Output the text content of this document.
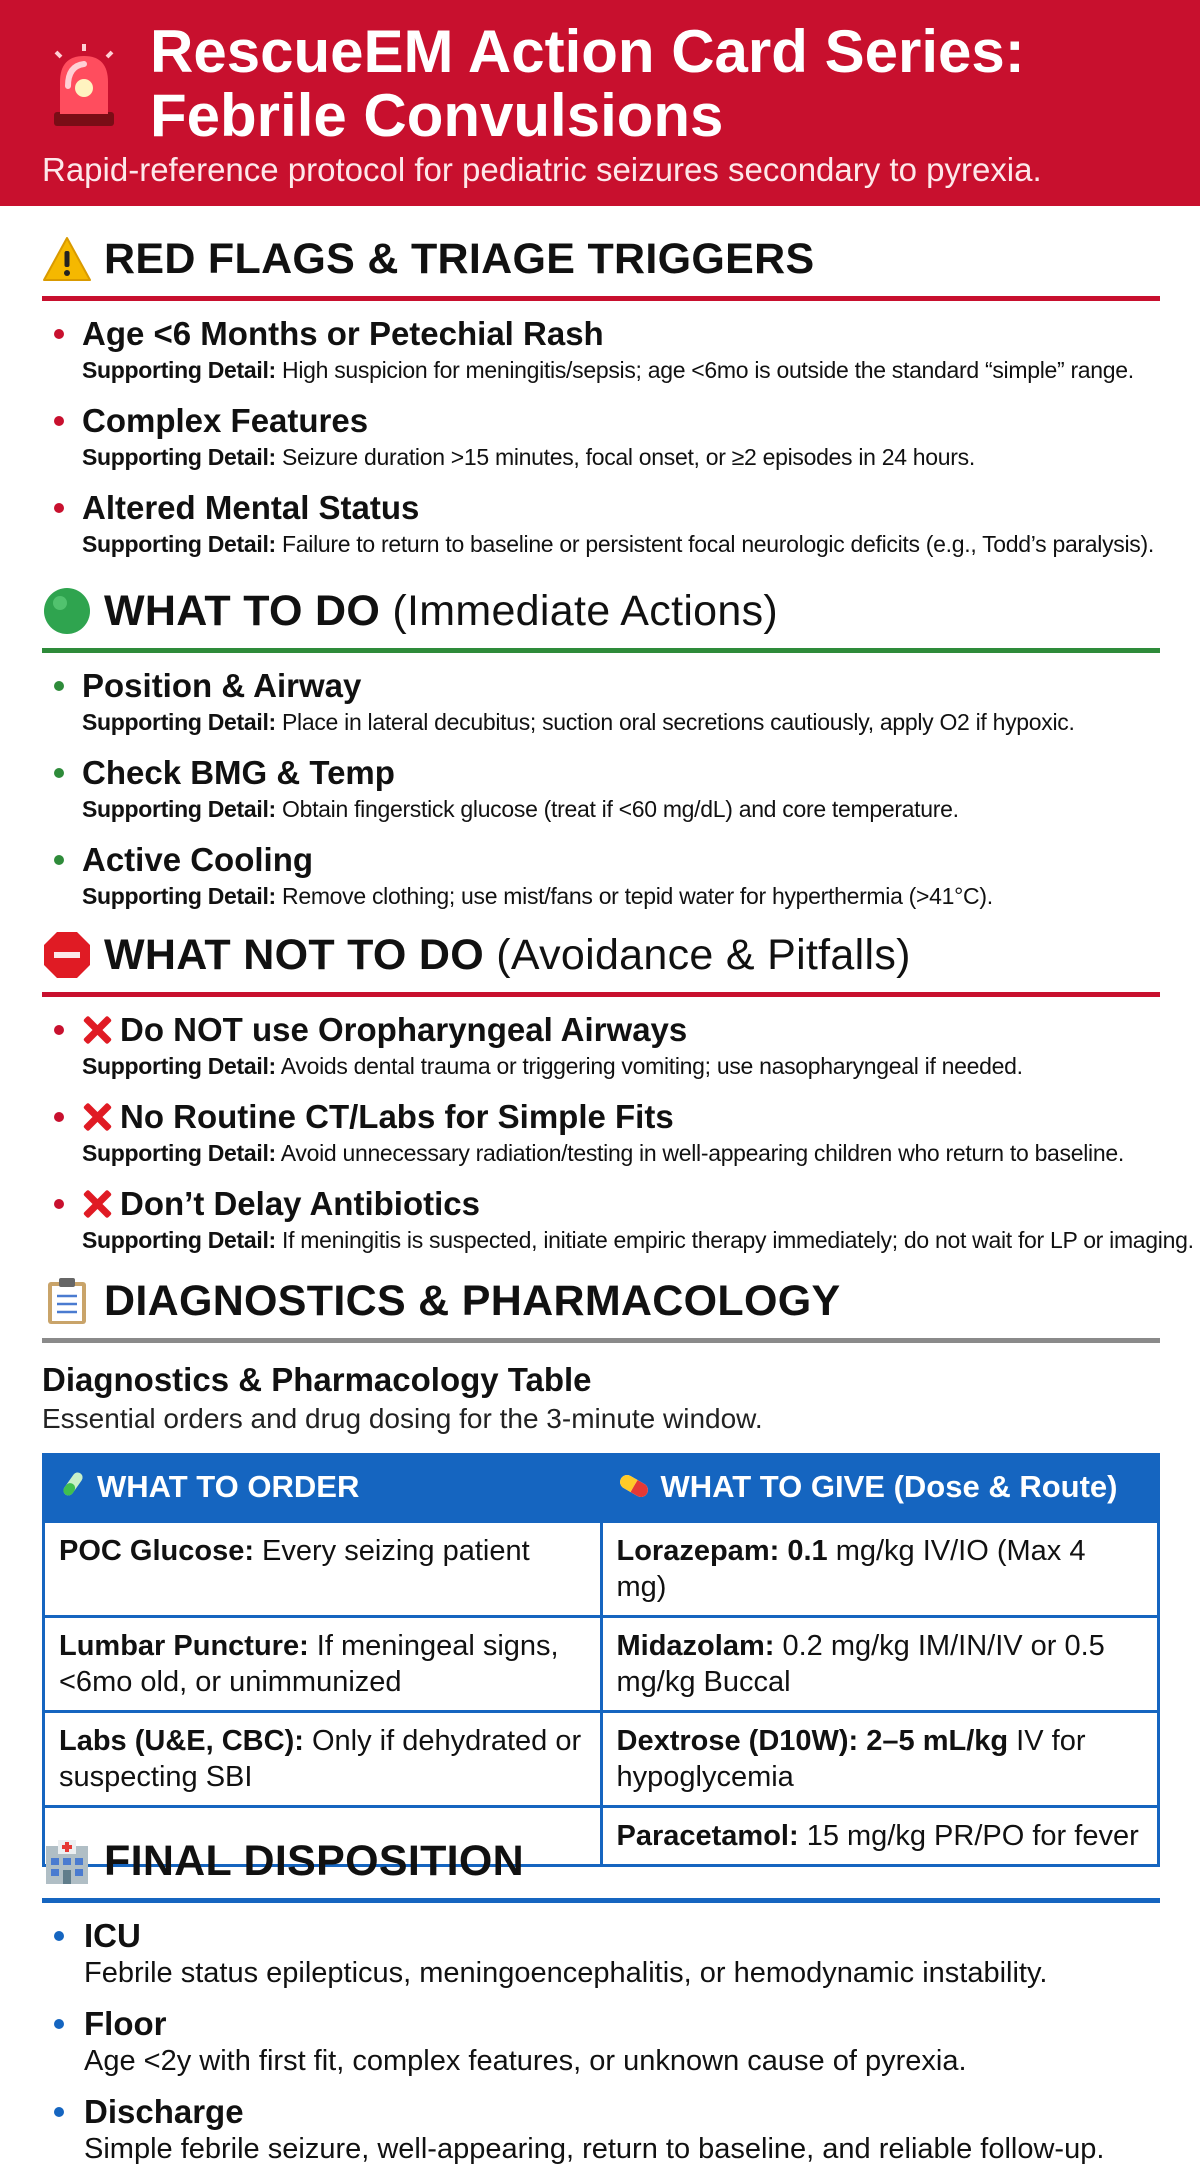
RescueEM Action Card Series:
Febrile Convulsions
Rapid-reference protocol for pediatric seizures secondary to pyrexia.
RED FLAGS & TRIAGE TRIGGERS
Age <6 Months or Petechial Rash
Supporting Detail: High suspicion for meningitis/sepsis; age <6mo is outside the standard “simple” range.
Complex Features
Supporting Detail: Seizure duration >15 minutes, focal onset, or ≥2 episodes in 24 hours.
Altered Mental Status
Supporting Detail: Failure to return to baseline or persistent focal neurologic deficits (e.g., Todd’s paralysis).
WHAT TO DO (Immediate Actions)
Position & Airway
Supporting Detail: Place in lateral decubitus; suction oral secretions cautiously, apply O2 if hypoxic.
Check BMG & Temp
Supporting Detail: Obtain fingerstick glucose (treat if <60 mg/dL) and core temperature.
Active Cooling
Supporting Detail: Remove clothing; use mist/fans or tepid water for hyperthermia (>41°C).
WHAT NOT TO DO (Avoidance & Pitfalls)
Do NOT use Oropharyngeal Airways
Supporting Detail: Avoids dental trauma or triggering vomiting; use nasopharyngeal if needed.
No Routine CT/Labs for Simple Fits
Supporting Detail: Avoid unnecessary radiation/testing in well-appearing children who return to baseline.
Don’t Delay Antibiotics
Supporting Detail: If meningitis is suspected, initiate empiric therapy immediately; do not wait for LP or imaging.
DIAGNOSTICS & PHARMACOLOGY
Diagnostics & Pharmacology Table
Essential orders and drug dosing for the 3-minute window.
WHAT TO ORDER	WHAT TO GIVE (Dose & Route)
POC Glucose: Every seizing patient	Lorazepam: 0.1 mg/kg IV/IO (Max 4 mg)
Lumbar Puncture: If meningeal signs, <6mo old, or unimmunized	Midazolam: 0.2 mg/kg IM/IN/IV or 0.5 mg/kg Buccal
Labs (U&E, CBC): Only if dehydrated or suspecting SBI	Dextrose (D10W): 2–5 mL/kg IV for hypoglycemia
	Paracetamol: 15 mg/kg PR/PO for fever
FINAL DISPOSITION
ICU
Febrile status epilepticus, meningoencephalitis, or hemodynamic instability.
Floor
Age <2y with first fit, complex features, or unknown cause of pyrexia.
Discharge
Simple febrile seizure, well-appearing, return to baseline, and reliable follow-up.
